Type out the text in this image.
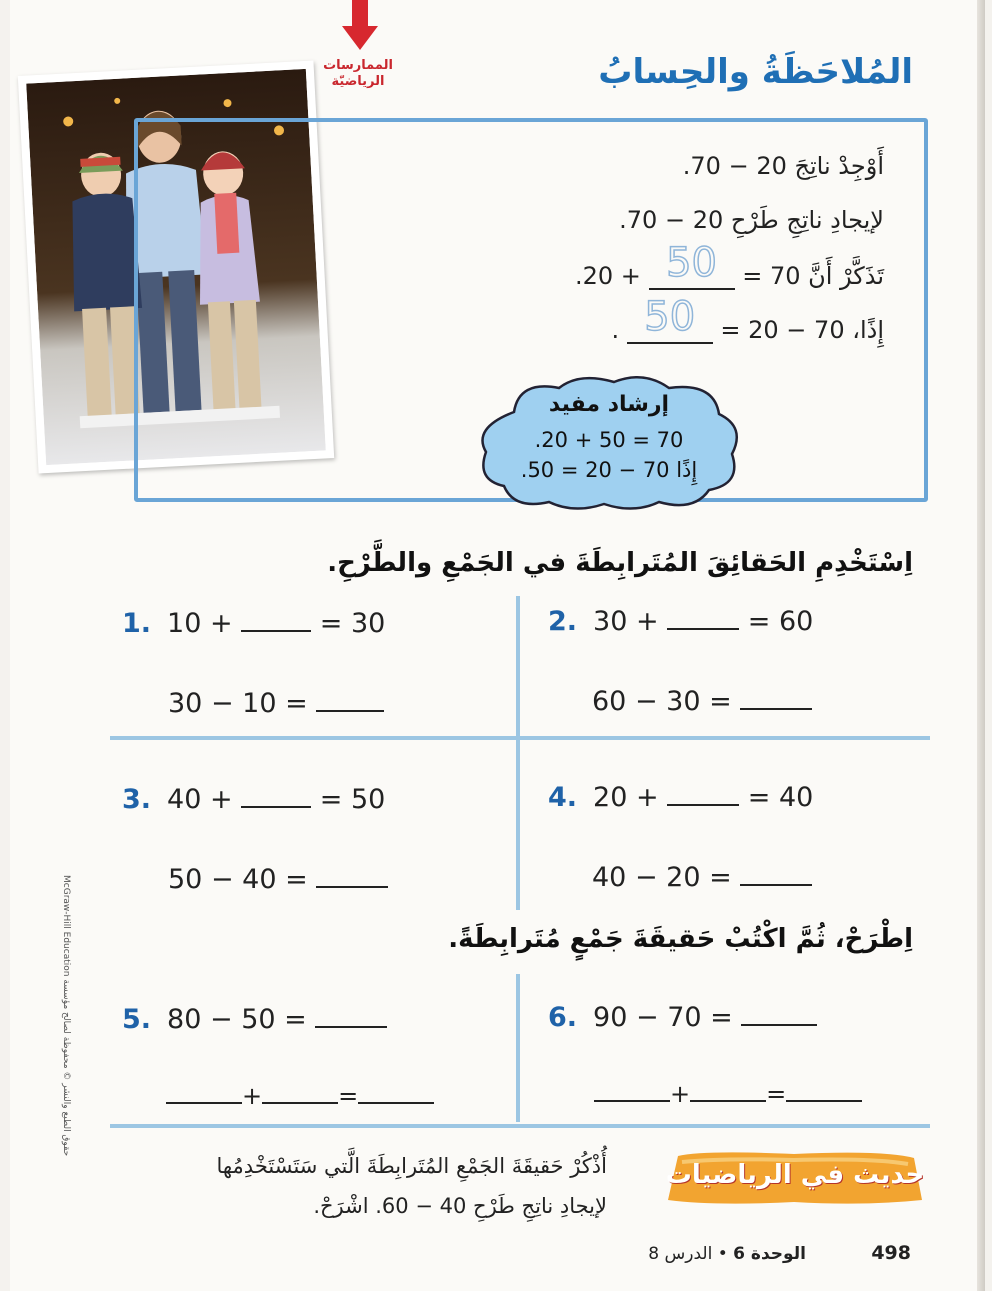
الممارسات
الرياضيّة	المُلاحَظَةُ والحِسابُ
أَوْجِدْ ناتِجَ 20 − 70.
لإيجادِ ناتِجِ طَرْحِ 20 − 70.
تَذَكَّرْ أَنَّ 70 =
50
+ 20.
إِذًا، 70 − 20 =
50
.
إرشاد مفيد
.20 + 50 = 70
إِذًا 70 − 20 = 50.
اِسْتَخْدِمِ الحَقائِقَ المُتَرابِطَةَ في الجَمْعِ والطَّرْحِ.
1. 10 +	= 30
30 − 10 =
2. 30 +	= 60
60 − 30 =
3. 40 +	= 50
50 − 40 =
4. 20 +	= 40
40 − 20 =
اِطْرَحْ، ثُمَّ اكْتُبْ حَقيقَةَ جَمْعٍ مُتَرابِطَةً.
5. 80 − 50 =
+	=
6. 90 − 70 =
+	=
حديث في الرياضيات
أُذْكُرْ حَقيقَةَ الجَمْعِ المُتَرابِطَةَ الَّتي سَتَسْتَخْدِمُها
لإيجادِ ناتِجِ طَرْحِ 40 − 60. اشْرَحْ.
498 الوحدة 6 • الدرس 8
McGraw-Hill Education حقوق الطبع والنشر © محفوظة لصالح مؤسسة
